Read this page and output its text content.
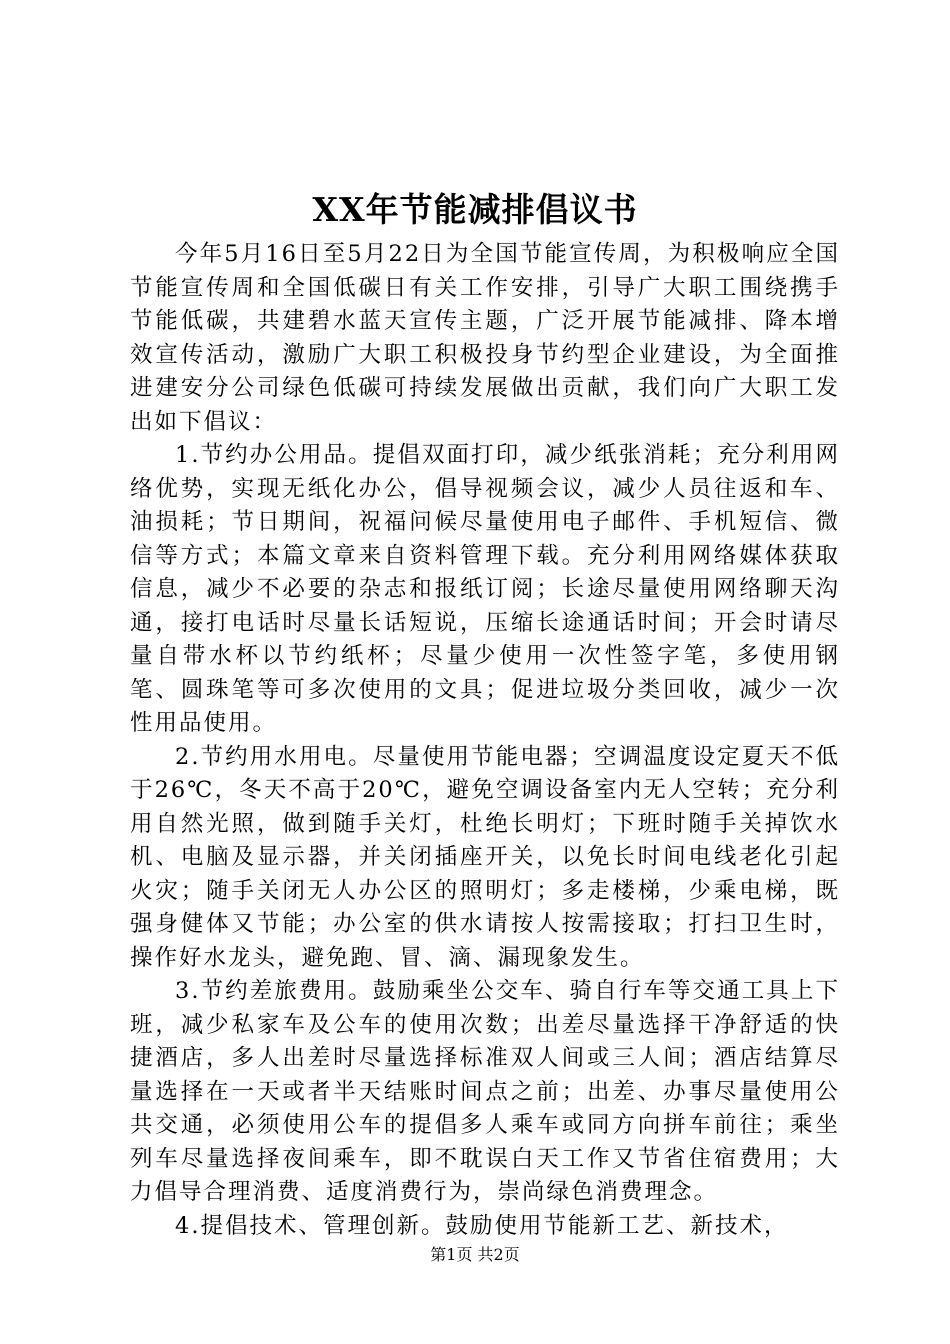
XX年节能减排倡议书

今年5月16日至5月22日为全国节能宣传周，为积极响应全国节能宣传周和全国低碳日有关工作安排，引导广大职工围绕携手节能低碳，共建碧水蓝天宣传主题，广泛开展节能减排、降本增效宣传活动，激励广大职工积极投身节约型企业建设，为全面推进建安分公司绿色低碳可持续发展做出贡献，我们向广大职工发出如下倡议：

1.节约办公用品。提倡双面打印，减少纸张消耗；充分利用网络优势，实现无纸化办公，倡导视频会议，减少人员往返和车、油损耗；节日期间，祝福问候尽量使用电子邮件、手机短信、微信等方式；本篇文章来自资料管理下载。充分利用网络媒体获取信息，减少不必要的杂志和报纸订阅；长途尽量使用网络聊天沟通，接打电话时尽量长话短说，压缩长途通话时间；开会时请尽量自带水杯以节约纸杯；尽量少使用一次性签字笔，多使用钢笔、圆珠笔等可多次使用的文具；促进垃圾分类回收，减少一次性用品使用。

2.节约用水用电。尽量使用节能电器；空调温度设定夏天不低于26℃，冬天不高于20℃，避免空调设备室内无人空转；充分利用自然光照，做到随手关灯，杜绝长明灯；下班时随手关掉饮水机、电脑及显示器，并关闭插座开关，以免长时间电线老化引起火灾；随手关闭无人办公区的照明灯；多走楼梯，少乘电梯，既强身健体又节能；办公室的供水请按人按需接取；打扫卫生时，操作好水龙头，避免跑、冒、滴、漏现象发生。

3.节约差旅费用。鼓励乘坐公交车、骑自行车等交通工具上下班，减少私家车及公车的使用次数；出差尽量选择干净舒适的快捷酒店，多人出差时尽量选择标准双人间或三人间；酒店结算尽量选择在一天或者半天结账时间点之前；出差、办事尽量使用公共交通，必须使用公车的提倡多人乘车或同方向拼车前往；乘坐列车尽量选择夜间乘车，即不耽误白天工作又节省住宿费用；大力倡导合理消费、适度消费行为，崇尚绿色消费理念。

4.提倡技术、管理创新。鼓励使用节能新工艺、新技术，

第1页 共2页
